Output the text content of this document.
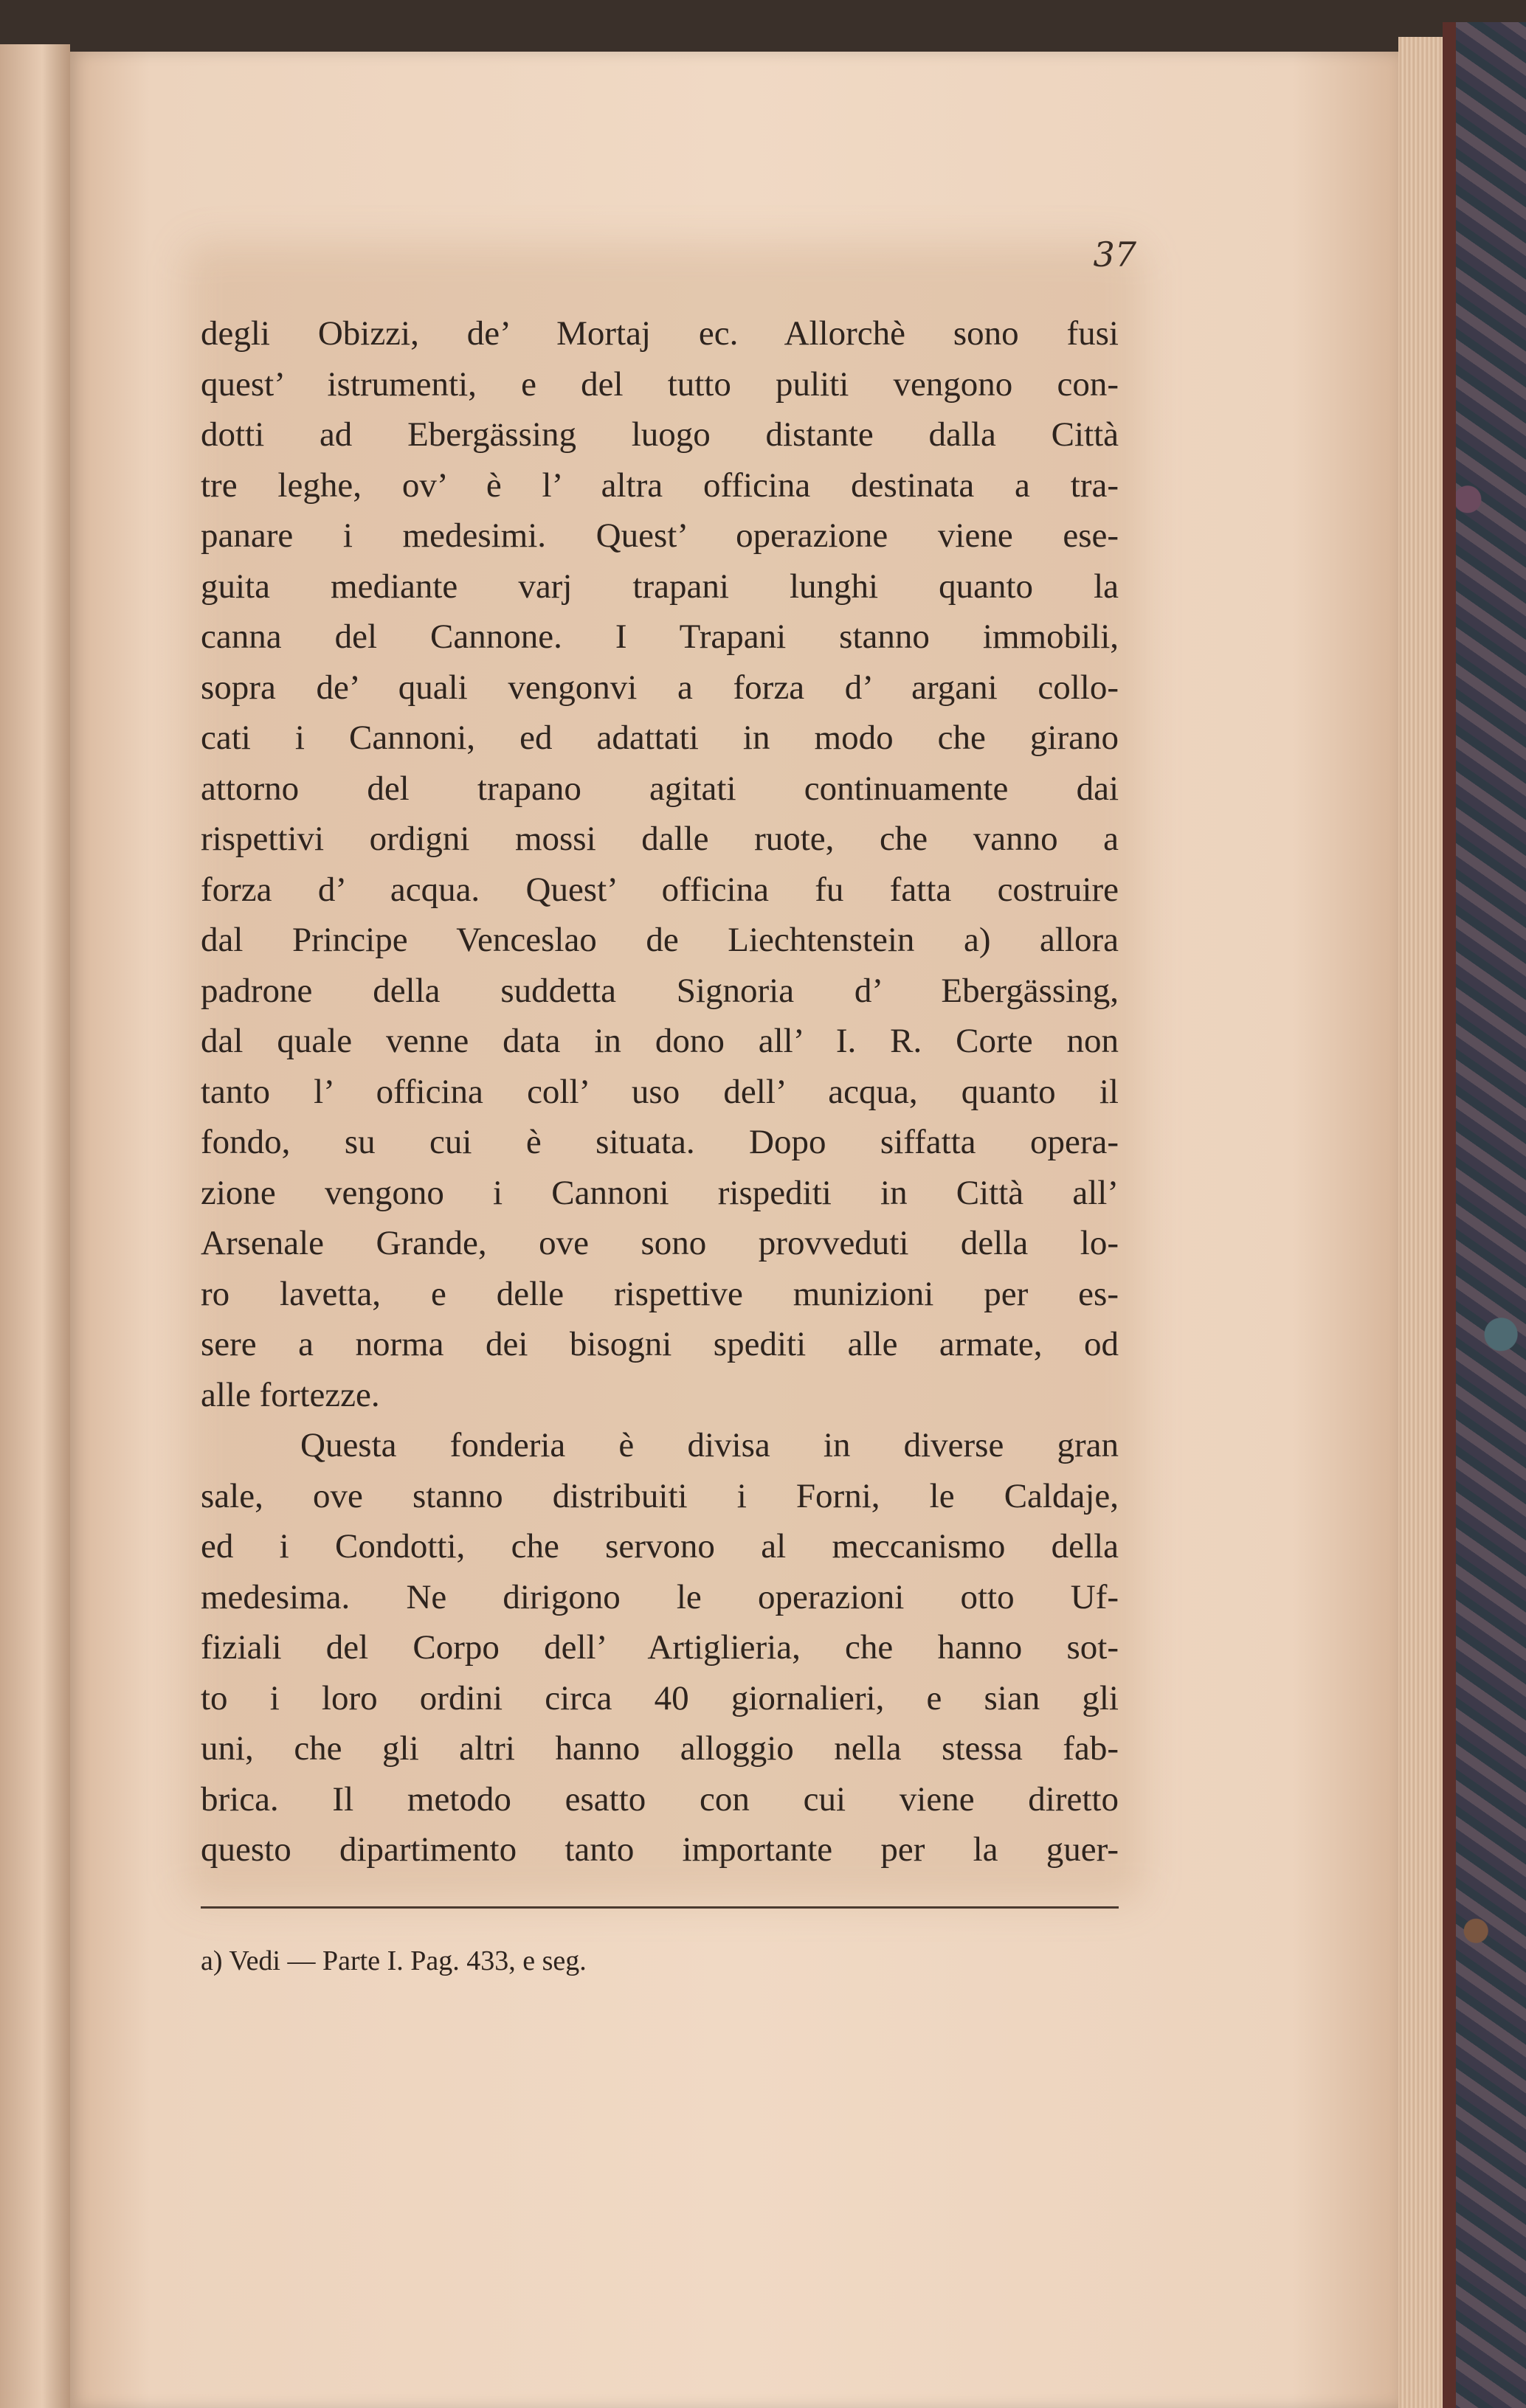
37
degli Obizzi, de’ Mortaj ec. Allorchè sono fusi
quest’ istrumenti, e del tutto puliti vengono con-
dotti ad Ebergässing luogo distante dalla Città
tre leghe, ov’ è l’ altra officina destinata a tra-
panare i medesimi. Quest’ operazione viene ese-
guita mediante varj trapani lunghi quanto la
canna del Cannone. I Trapani stanno immobili,
sopra de’ quali vengonvi a forza d’ argani collo-
cati i Cannoni, ed adattati in modo che girano
attorno del trapano agitati continuamente dai
rispettivi ordigni mossi dalle ruote, che vanno a
forza d’ acqua. Quest’ officina fu fatta costruire
dal Principe Venceslao de Liechtenstein a) allora
padrone della suddetta Signoria d’ Ebergässing,
dal quale venne data in dono all’ I. R. Corte non
tanto l’ officina coll’ uso dell’ acqua, quanto il
fondo, su cui è situata. Dopo siffatta opera-
zione vengono i Cannoni rispediti in Città all’
Arsenale Grande, ove sono provveduti della lo-
ro lavetta, e delle rispettive munizioni per es-
sere a norma dei bisogni spediti alle armate, od
alle fortezze.
Questa fonderia è divisa in diverse gran
sale, ove stanno distribuiti i Forni, le Caldaje,
ed i Condotti, che servono al meccanismo della
medesima. Ne dirigono le operazioni otto Uf-
fiziali del Corpo dell’ Artiglieria, che hanno sot-
to i loro ordini circa 40 giornalieri, e sian gli
uni, che gli altri hanno alloggio nella stessa fab-
brica. Il metodo esatto con cui viene diretto
questo dipartimento tanto importante per la guer-
a) Vedi — Parte I. Pag. 433, e seg.
